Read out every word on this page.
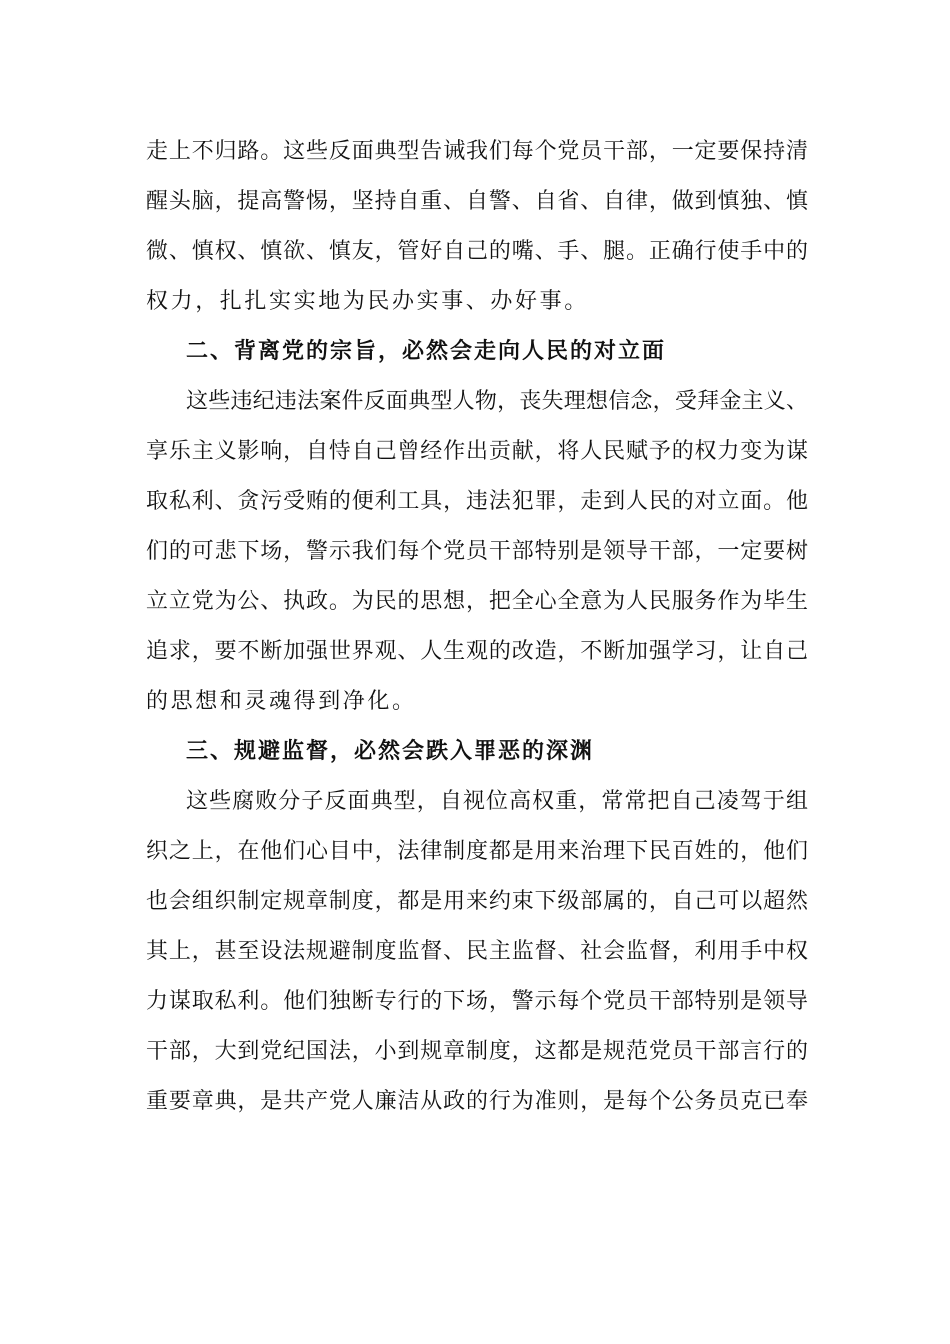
走上不归路。这些反面典型告诫我们每个党员干部，一定要保持清
醒头脑，提高警惕，坚持自重、自警、自省、自律，做到慎独、慎
微、慎权、慎欲、慎友，管好自己的嘴、手、腿。正确行使手中的
权力，扎扎实实地为民办实事、办好事。
二、背离党的宗旨，必然会走向人民的对立面
这些违纪违法案件反面典型人物，丧失理想信念，受拜金主义、
享乐主义影响，自恃自己曾经作出贡献，将人民赋予的权力变为谋
取私利、贪污受贿的便利工具，违法犯罪，走到人民的对立面。他
们的可悲下场，警示我们每个党员干部特别是领导干部，一定要树
立立党为公、执政。为民的思想，把全心全意为人民服务作为毕生
追求，要不断加强世界观、人生观的改造，不断加强学习，让自己
的思想和灵魂得到净化。
三、规避监督，必然会跌入罪恶的深渊
这些腐败分子反面典型，自视位高权重，常常把自己凌驾于组
织之上，在他们心目中，法律制度都是用来治理下民百姓的，他们
也会组织制定规章制度，都是用来约束下级部属的，自己可以超然
其上，甚至设法规避制度监督、民主监督、社会监督，利用手中权
力谋取私利。他们独断专行的下场，警示每个党员干部特别是领导
干部，大到党纪国法，小到规章制度，这都是规范党员干部言行的
重要章典，是共产党人廉洁从政的行为准则，是每个公务员克已奉
